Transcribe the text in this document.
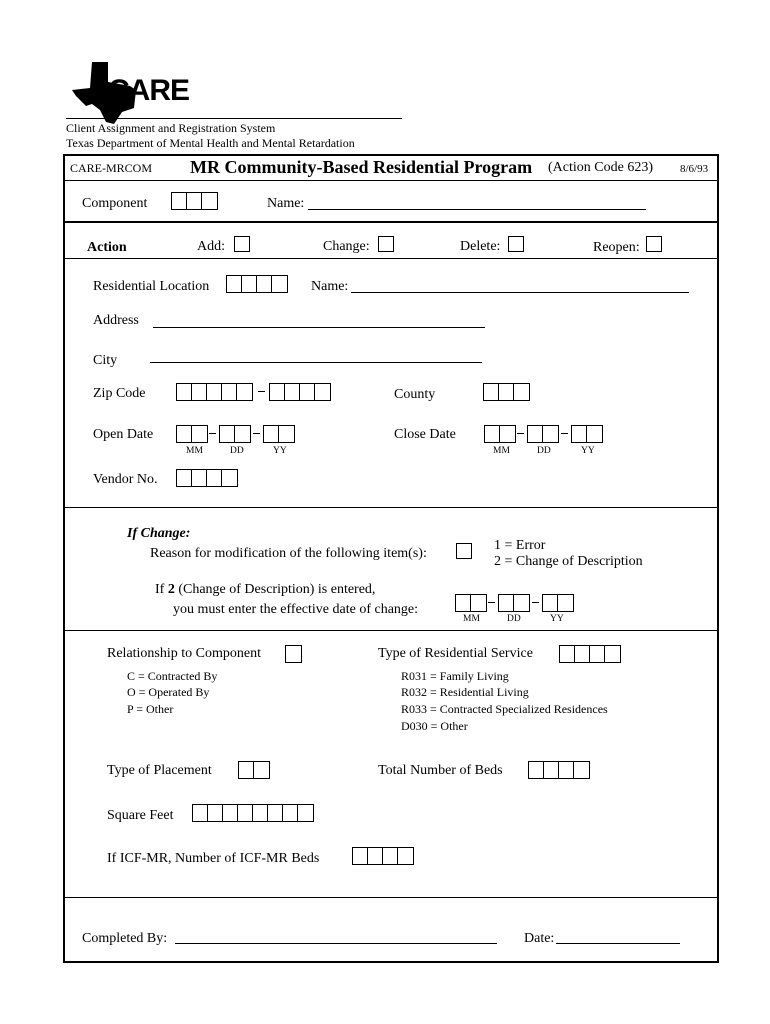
CARE
Client Assignment and Registration System
Texas Department of Mental Health and Mental Retardation
CARE-MRCOM MR Community-Based Residential Program (Action Code 623) 8/6/93
Component	Name:
Action	Add:	Change:	Delete:	Reopen:
Residential Location	Name:
Address
City
Zip Code	County
Open Date
MM	DD	YY
Close Date
MM	DD	YY
Vendor No.
If Change:
Reason for modification of the following item(s):
1 = Error
2 = Change of Description
If 2 (Change of Description) is entered,
you must enter the effective date of change:
MM	DD	YY
Relationship to Component
C = Contracted By
O = Operated By
P = Other
Type of Residential Service
R031 = Family Living
R032 = Residential Living
R033 = Contracted Specialized Residences
D030 = Other
Type of Placement	Total Number of Beds
Square Feet
If ICF-MR, Number of ICF-MR Beds
Completed By:	Date:
